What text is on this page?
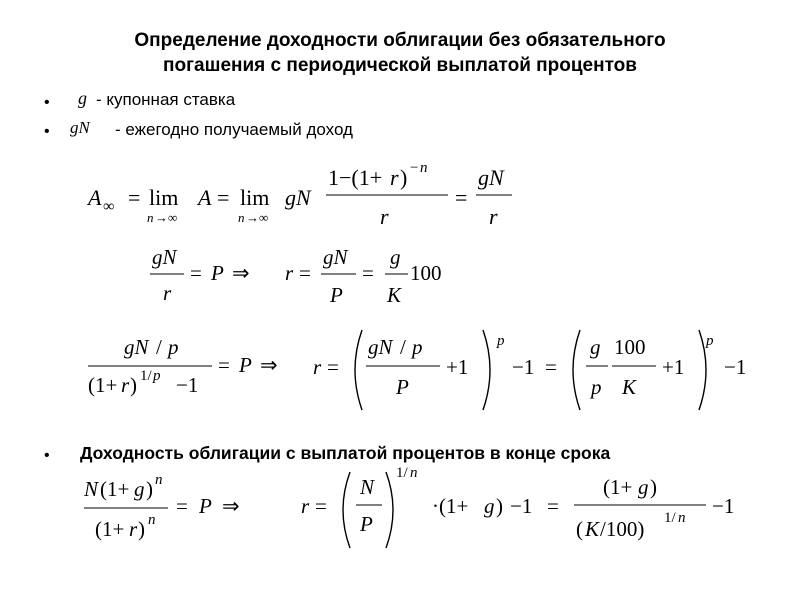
Определение доходности облигации без обязательного
погашения с периодической выплатой процентов
• g - купонная ставка
• gN - ежегодно получаемый доход
• Доходность облигации с выплатой процентов в конце срока
A ∞ = lim
n →∞
A = lim
n →∞
gN
1−(1+ r ) − n
r
=
gN
r
gN
r
= P ⇒ r =
gN
P
=
g
K
100
gN / p
(1+ r ) 1/ p −1
= P ⇒ r =
gN / p
P
+1
p
−1 =
g
p
100
K
+1
p
−1
N (1+ g ) n
(1+ r ) n
= P ⇒	r =
N
P
1/ n
·(1+ g ) −1 =
(1+ g )
( K /100) 1/ n −1
